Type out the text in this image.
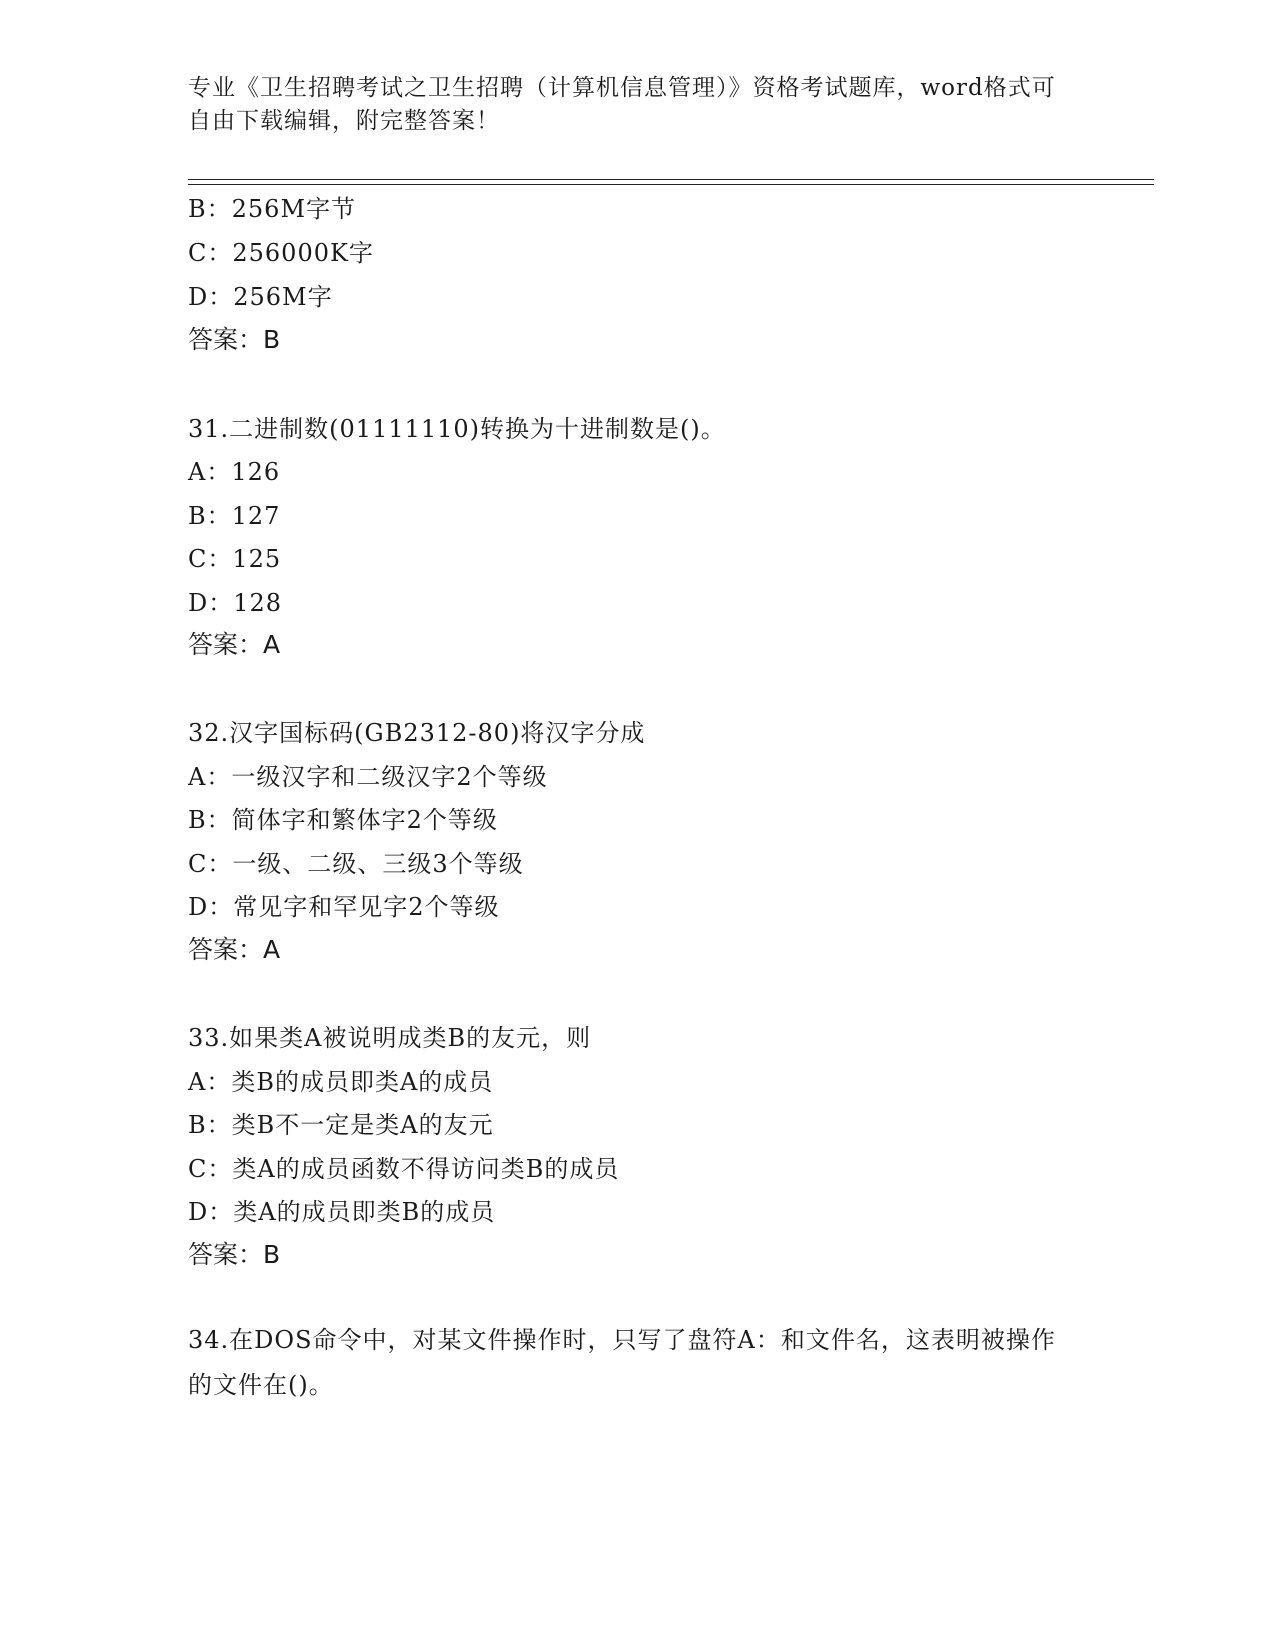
专业《卫生招聘考试之卫生招聘（计算机信息管理）》资格考试题库，word格式可自由下载编辑，附完整答案！
B：256M字节
C：256000K字
D：256M字
答案：B
31.二进制数(01111110)转换为十进制数是()。
A：126
B：127
C：125
D：128
答案：A
32.汉字国标码(GB2312-80)将汉字分成
A：一级汉字和二级汉字2个等级
B：简体字和繁体字2个等级
C：一级、二级、三级3个等级
D：常见字和罕见字2个等级
答案：A
33.如果类A被说明成类B的友元，则
A：类B的成员即类A的成员
B：类B不一定是类A的友元
C：类A的成员函数不得访问类B的成员
D：类A的成员即类B的成员
答案：B
34.在DOS命令中，对某文件操作时，只写了盘符A：和文件名，这表明被操作的文件在()。
